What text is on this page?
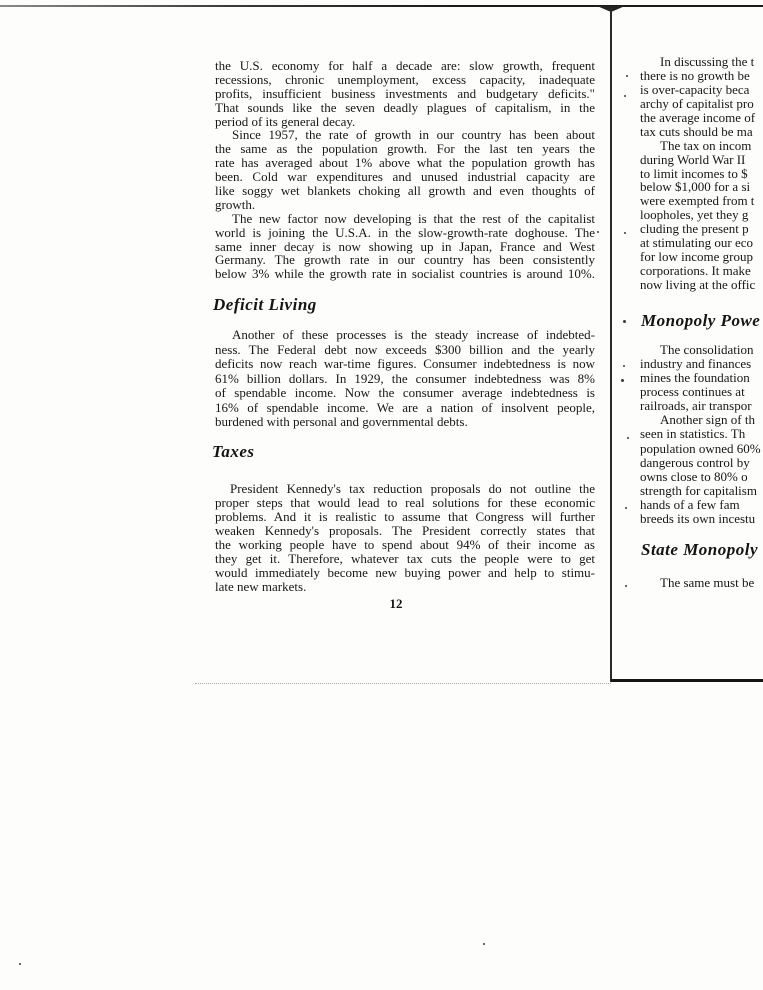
the U.S. economy for half a decade are: slow growth, frequent
recessions, chronic unemployment, excess capacity, inadequate
profits, insufficient business investments and budgetary deficits."
That sounds like the seven deadly plagues of capitalism, in the
period of its general decay.
Since 1957, the rate of growth in our country has been about
the same as the population growth. For the last ten years the
rate has averaged about 1% above what the population growth has
been. Cold war expenditures and unused industrial capacity are
like soggy wet blankets choking all growth and even thoughts of
growth.
The new factor now developing is that the rest of the capitalist
world is joining the U.S.A. in the slow-growth-rate doghouse. The
same inner decay is now showing up in Japan, France and West
Germany. The growth rate in our country has been consistently
below 3% while the growth rate in socialist countries is around 10%.
Deficit Living
Another of these processes is the steady increase of indebted-
ness. The Federal debt now exceeds $300 billion and the yearly
deficits now reach war-time figures. Consumer indebtedness is now
61% billion dollars. In 1929, the consumer indebtedness was 8%
of spendable income. Now the consumer average indebtedness is
16% of spendable income. We are a nation of insolvent people,
burdened with personal and governmental debts.
Taxes
President Kennedy's tax reduction proposals do not outline the
proper steps that would lead to real solutions for these economic
problems. And it is realistic to assume that Congress will further
weaken Kennedy's proposals. The President correctly states that
the working people have to spend about 94% of their income as
they get it. Therefore, whatever tax cuts the people were to get
would immediately become new buying power and help to stimu-
late new markets.
12
In discussing the t
there is no growth be
is over-capacity beca
archy of capitalist pro
the average income of
tax cuts should be ma
The tax on incom
during World War II
to limit incomes to $
below $1,000 for a si
were exempted from t
loopholes, yet they g
cluding the present p
at stimulating our eco
for low income group
corporations. It make
now living at the offic
Monopoly Powe
The consolidation
industry and finances
mines the foundation
process continues at
railroads, air transpor
Another sign of th
seen in statistics. Th
population owned 60%
dangerous control by
owns close to 80% o
strength for capitalism
hands of a few fam
breeds its own incestu
State Monopoly
The same must be
